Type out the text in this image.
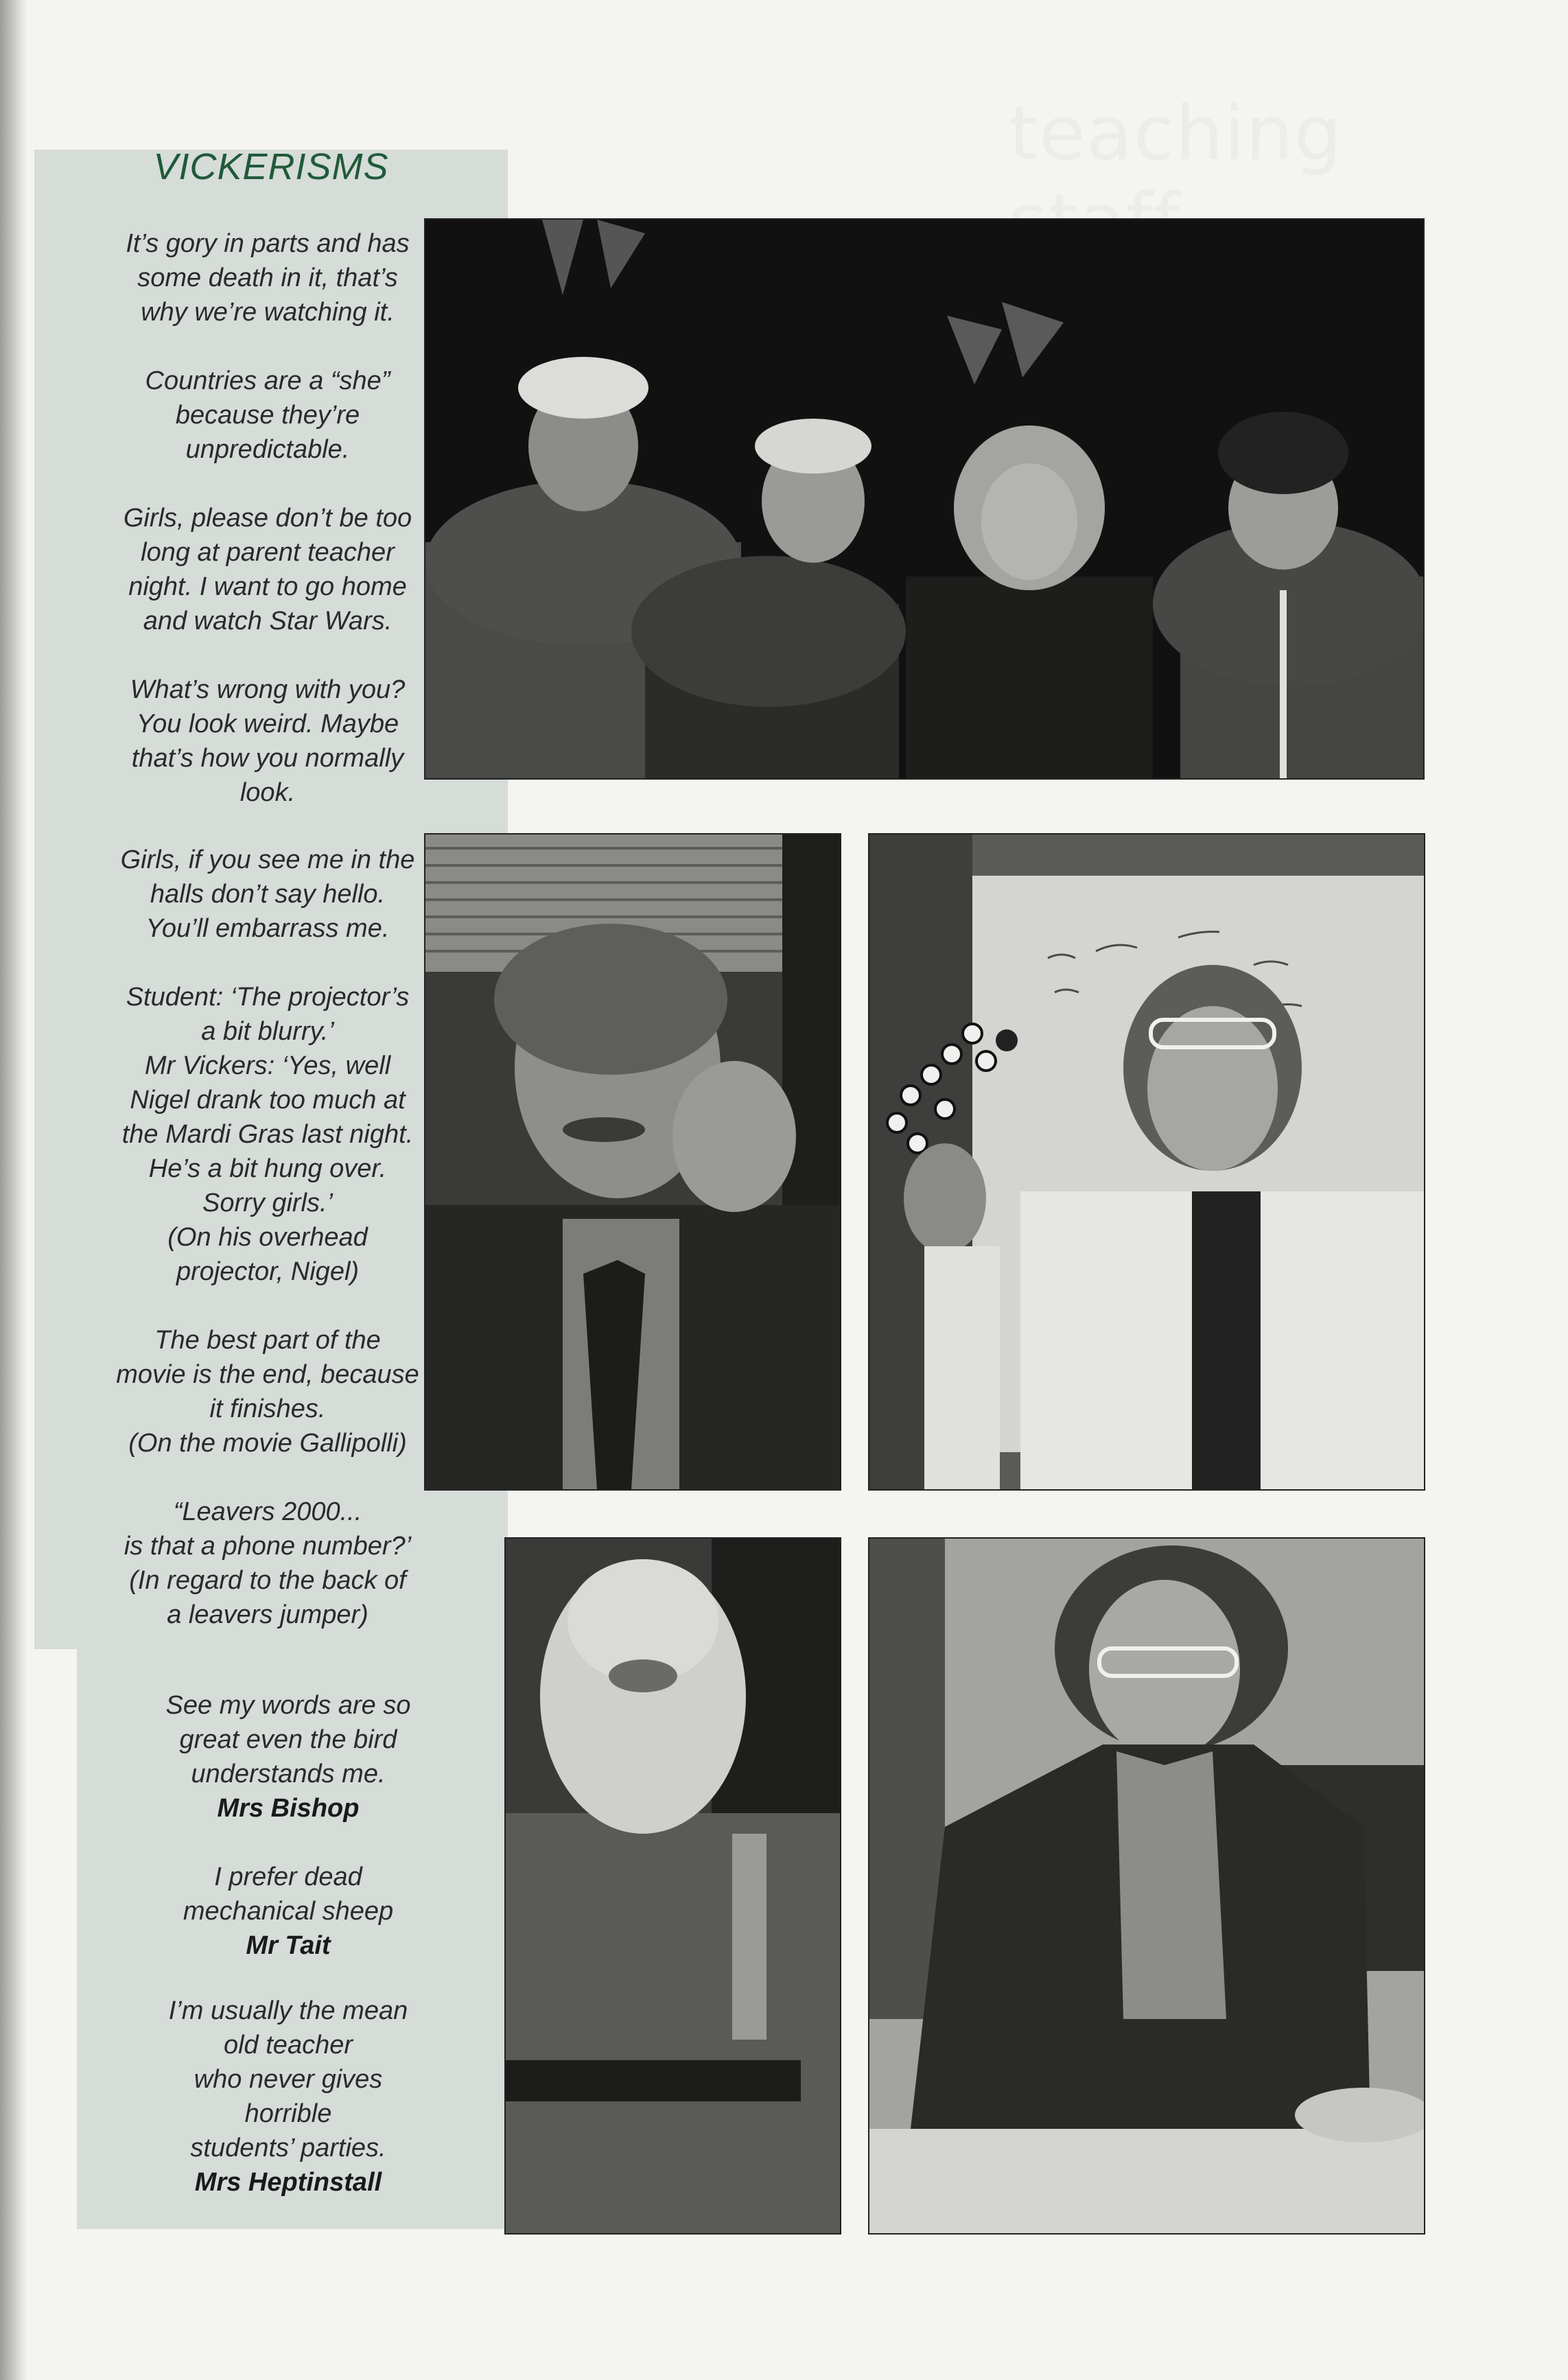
teaching
VICKERISMS
It’s gory in parts and has
some death in it, that’s
why we’re watching it.
Countries are a “she”
because they’re
unpredictable.
Girls, please don’t be too
long at parent teacher
night. I want to go home
and watch Star Wars.
What’s wrong with you?
You look weird. Maybe
that’s how you normally
look.
Girls, if you see me in the
halls don’t say hello.
You’ll embarrass me.
Student: ‘The projector’s
a bit blurry.’
Mr Vickers: ‘Yes, well
Nigel drank too much at
the Mardi Gras last night.
He’s a bit hung over.
Sorry girls.’
(On his overhead
projector, Nigel)
The best part of the
movie is the end, because
it finishes.
(On the movie Gallipolli)
“Leavers 2000...
is that a phone number?’
(In regard to the back of
a leavers jumper)
See my words are so
great even the bird
understands me.
Mrs Bishop
I prefer dead
mechanical sheep
Mr Tait
I’m usually the mean
old teacher
who never gives
horrible
students’ parties.
Mrs Heptinstall
